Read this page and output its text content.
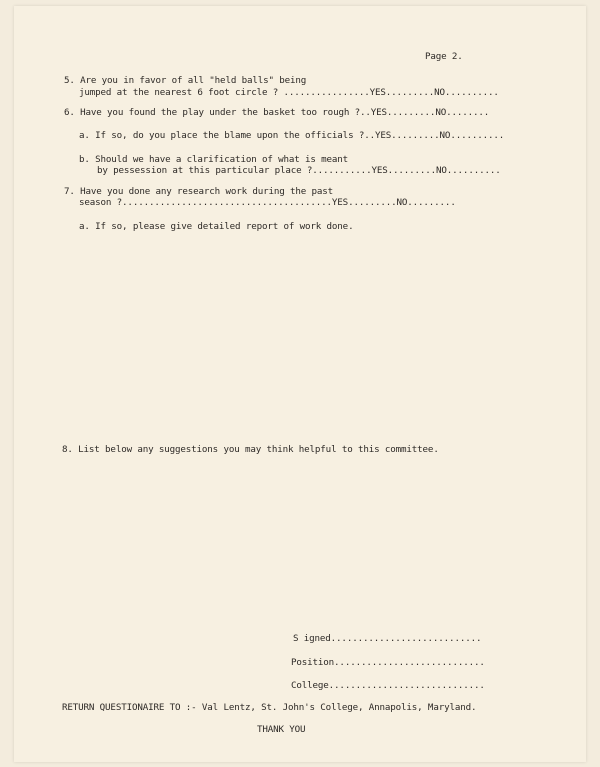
Page 2.
5. Are you in favor of all "held balls" being
jumped at the nearest 6 foot circle ? ................YES.........NO..........
6. Have you found the play under the basket too rough ?..YES.........NO........
a. If so, do you place the blame upon the officials ?..YES.........NO..........
b. Should we have a clarification of what is meant
by pessession at this particular place ?...........YES.........NO..........
7. Have you done any research work during the past
season ?.......................................YES.........NO.........
a. If so, please give detailed report of work done.
8. List below any suggestions you may think helpful to this committee.
S igned............................
Position............................
College.............................
RETURN QUESTIONAIRE TO :- Val Lentz, St. John's College, Annapolis, Maryland.
THANK YOU
